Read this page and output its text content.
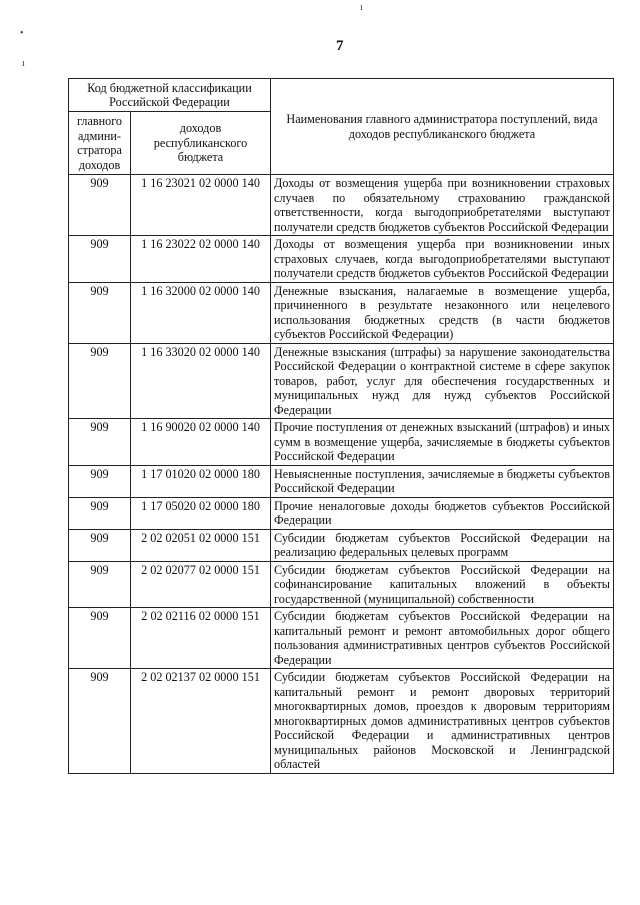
ı
•
ı
7
Код бюджетной классификации Российской Федерации		Наименования главного администратора поступлений, вида доходов республиканского бюджета
главного админи-стратора доходов	доходов республиканского бюджета	
909	1 16 23021 02 0000 140	Доходы от возмещения ущерба при возникновении страховых случаев по обязательному страхованию гражданской ответственности, когда выгодоприобретателями выступают получатели средств бюджетов субъектов Российской Федерации
909	1 16 23022 02 0000 140	Доходы от возмещения ущерба при возникновении иных страховых случаев, когда выгодоприобретателями выступают получатели средств бюджетов субъектов Российской Федерации
909	1 16 32000 02 0000 140	Денежные взыскания, налагаемые в возмещение ущерба, причиненного в результате незаконного или нецелевого использования бюджетных средств (в части бюджетов субъектов Российской Федерации)
909	1 16 33020 02 0000 140	Денежные взыскания (штрафы) за нарушение законодательства Российской Федерации о контрактной системе в сфере закупок товаров, работ, услуг для обеспечения государственных и муниципальных нужд для нужд субъектов Российской Федерации
909	1 16 90020 02 0000 140	Прочие поступления от денежных взысканий (штрафов) и иных сумм в возмещение ущерба, зачисляемые в бюджеты субъектов Российской Федерации
909	1 17 01020 02 0000 180	Невыясненные поступления, зачисляемые в бюджеты субъектов Российской Федерации
909	1 17 05020 02 0000 180	Прочие неналоговые доходы бюджетов субъектов Российской Федерации
909	2 02 02051 02 0000 151	Субсидии бюджетам субъектов Российской Федерации на реализацию федеральных целевых программ
909	2 02 02077 02 0000 151	Субсидии бюджетам субъектов Российской Федерации на софинансирование капитальных вложений в объекты государственной (муниципальной) собственности
909	2 02 02116 02 0000 151	Субсидии бюджетам субъектов Российской Федерации на капитальный ремонт и ремонт автомобильных дорог общего пользования административных центров субъектов Российской Федерации
909	2 02 02137 02 0000 151	Субсидии бюджетам субъектов Российской Федерации на капитальный ремонт и ремонт дворовых территорий многоквартирных домов, проездов к дворовым территориям многоквартирных домов административных центров субъектов Российской Федерации и административных центров муниципальных районов Московской и Ленинградской областей
